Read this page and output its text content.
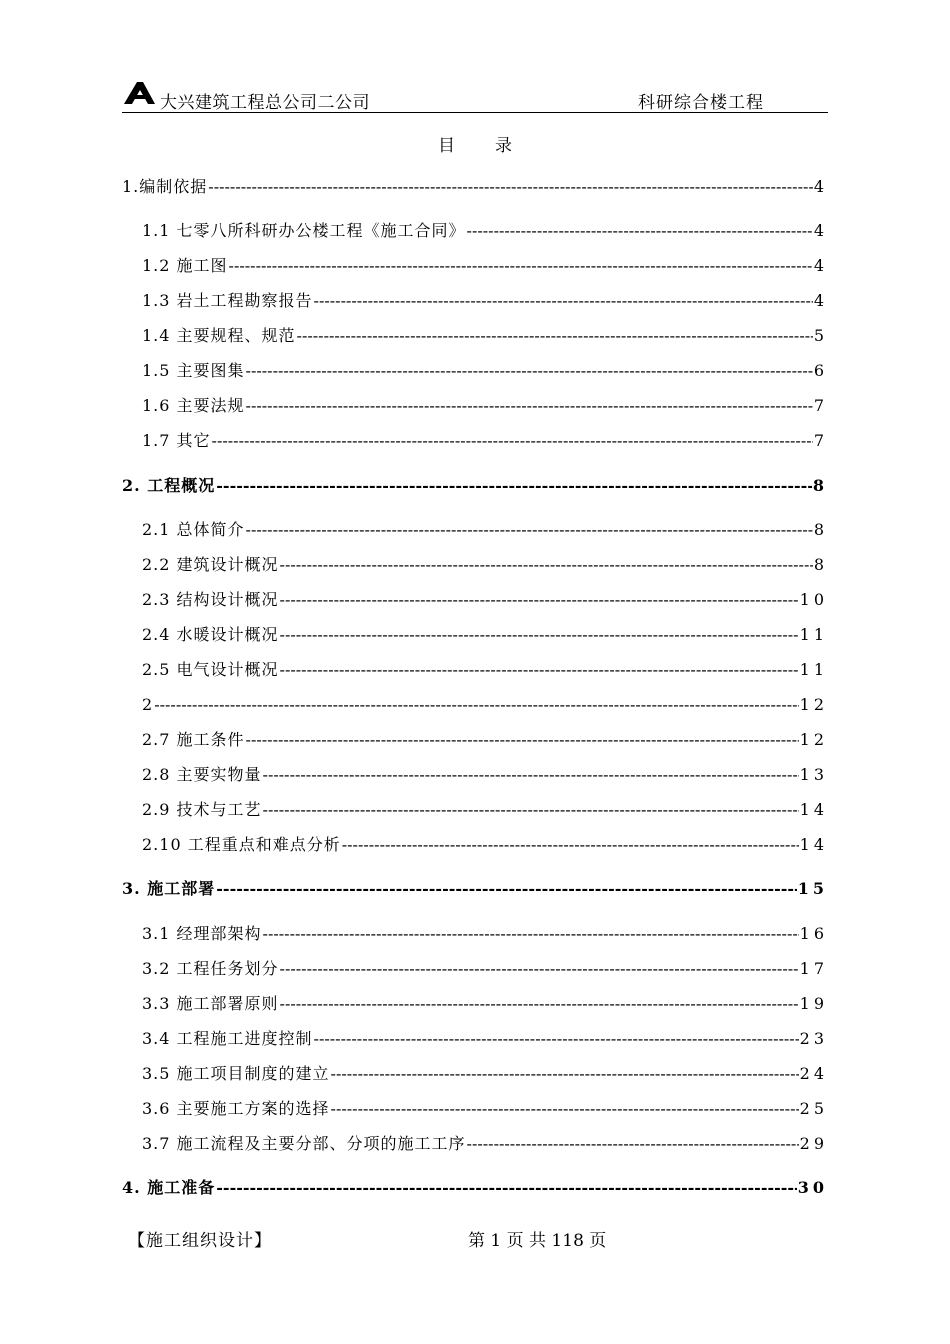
大兴建筑工程总公司二公司	科研综合楼工程
目录
1.编制依据 -----	4
1.1 七零八所科研办公楼工程《施工合同》 -----	4
1.2 施工图 -----	4
1.3 岩土工程勘察报告 -----	4
1.4 主要规程、规范 -----	5
1.5 主要图集 -----	6
1.6 主要法规 -----	7
1.7 其它 -----	7
2. 工程概况 -----	8
2.1 总体简介 -----	8
2.2 建筑设计概况 -----	8
2.3 结构设计概况 -----	10
2.4 水暖设计概况 -----	11
2.5 电气设计概况 -----	11
2 -----	12
2.7 施工条件 -----	12
2.8 主要实物量 -----	13
2.9 技术与工艺 -----	14
2.10 工程重点和难点分析 -----	14
3. 施工部署 -----	15
3.1 经理部架构 -----	16
3.2 工程任务划分 -----	17
3.3 施工部署原则 -----	19
3.4 工程施工进度控制 -----	23
3.5 施工项目制度的建立 -----	24
3.6 主要施工方案的选择 -----	25
3.7 施工流程及主要分部、分项的施工工序 -----	29
4. 施工准备 -----	30
【施工组织设计】	第 1 页 共 118 页
